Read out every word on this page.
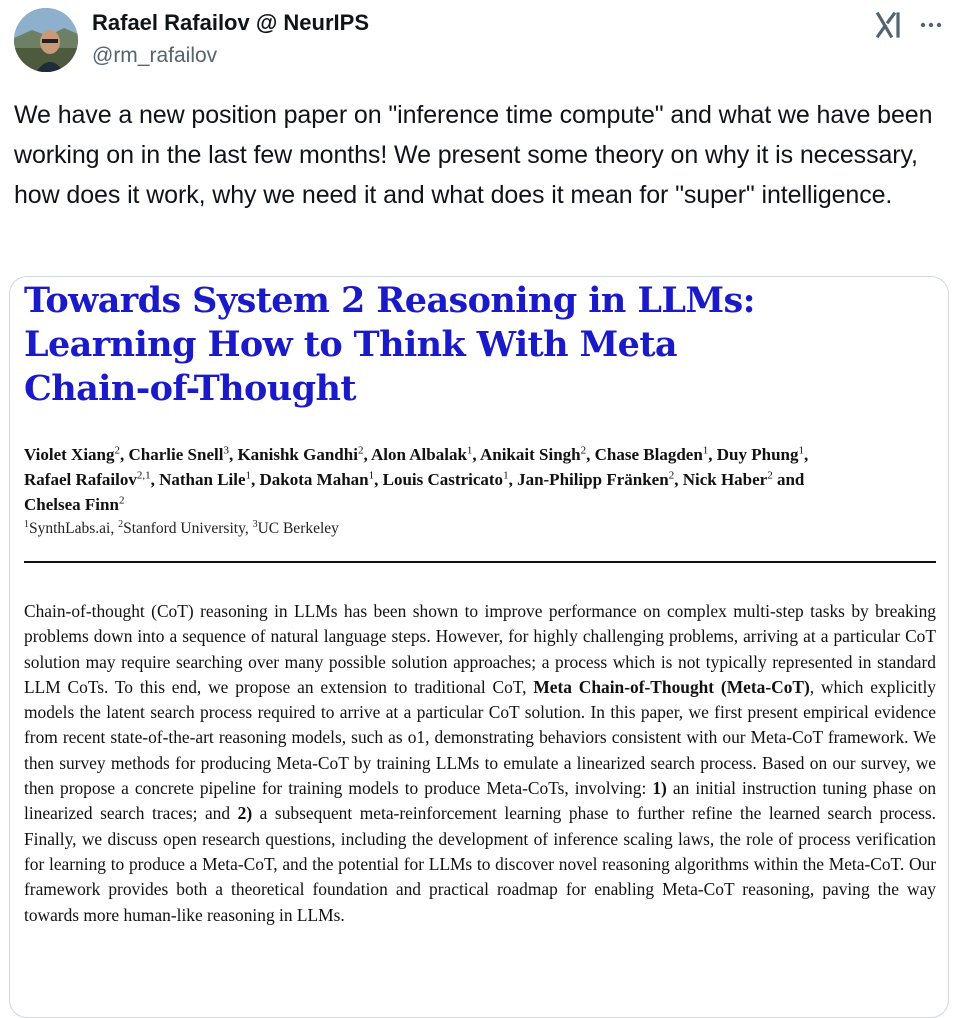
Rafael Rafailov @ NeurIPS
@rm_rafailov
We have a new position paper on "inference time compute" and what we have been working on in the last few months! We present some theory on why it is necessary, how does it work, why we need it and what does it mean for "super" intelligence.
Towards System 2 Reasoning in LLMs:
Learning How to Think With Meta
Chain-of-Thought
Violet Xiang$^2$, Charlie Snell$^3$, Kanishk Gandhi$^2$, Alon Albalak$^1$, Anikait Singh$^2$, Chase Blagden$^1$, Duy Phung$^1$,
Rafael Rafailov$^{2,1}$, Nathan Lile$^1$, Dakota Mahan$^1$, Louis Castricato$^1$, Jan-Philipp Fränken$^2$, Nick Haber$^2$ and
Chelsea Finn$^2$
$^1$SynthLabs.ai, $^2$Stanford University, $^3$UC Berkeley
Chain-of-thought (CoT) reasoning in LLMs has been shown to improve performance on complex multi-step tasks by breaking problems down into a sequence of natural language steps. However, for highly challenging problems, arriving at a particular CoT solution may require searching over many possible solution approaches; a process which is not typically represented in standard LLM CoTs. To this end, we propose an extension to traditional CoT, Meta Chain-of-Thought (Meta-CoT), which explicitly models the latent search process required to arrive at a particular CoT solution. In this paper, we first present empirical evidence from recent state-of-the-art reasoning models, such as o1, demonstrating behaviors consistent with our Meta-CoT framework. We then survey methods for producing Meta-CoT by training LLMs to emulate a linearized search process. Based on our survey, we then propose a concrete pipeline for training models to produce Meta-CoTs, involving: 1) an initial instruction tuning phase on linearized search traces; and 2) a subsequent meta-reinforcement learning phase to further refine the learned search process. Finally, we discuss open research questions, including the development of inference scaling laws, the role of process verification for learning to produce a Meta-CoT, and the potential for LLMs to discover novel reasoning algorithms within the Meta-CoT. Our framework provides both a theoretical foundation and practical roadmap for enabling Meta-CoT reasoning, paving the way towards more human-like reasoning in LLMs.
